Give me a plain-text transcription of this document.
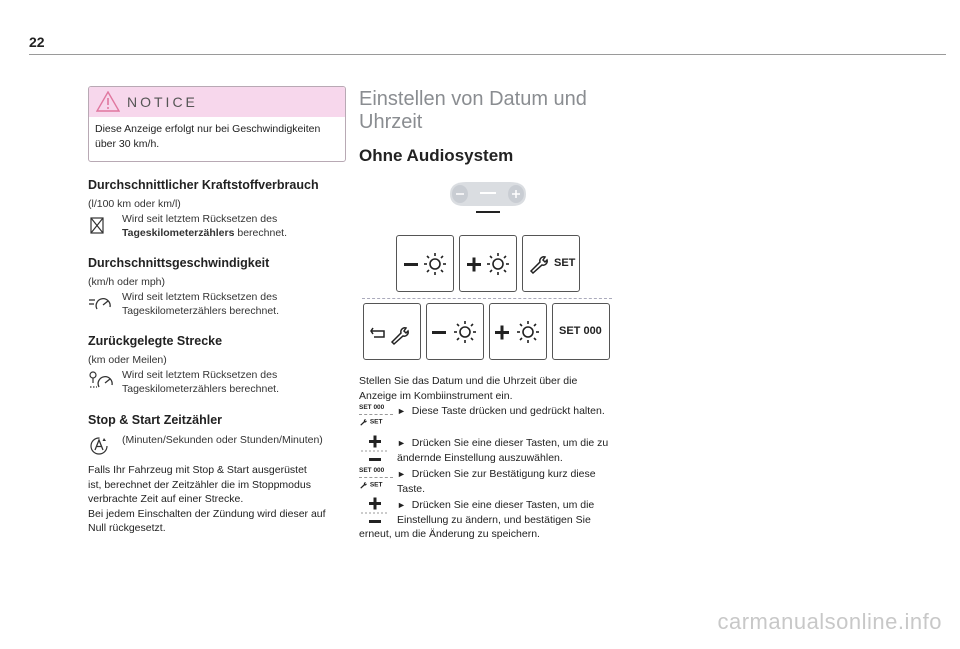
22
NOTICE
Diese Anzeige erfolgt nur bei Geschwindigkeiten
über 30 km/h.
Durchschnittlicher Kraftstoffverbrauch
(l/100 km oder km/l)
Wird seit letztem Rücksetzen des
Tageskilometerzählers berechnet.
Durchschnittsgeschwindigkeit
(km/h oder mph)
Wird seit letztem Rücksetzen des
Tageskilometerzählers berechnet.
Zurückgelegte Strecke
(km oder Meilen)
Wird seit letztem Rücksetzen des
Tageskilometerzählers berechnet.
Stop & Start Zeitzähler
(Minuten/Sekunden oder Stunden/Minuten)
Falls Ihr Fahrzeug mit Stop & Start ausgerüstet
ist, berechnet der Zeitzähler die im Stoppmodus
verbrachte Zeit auf einer Strecke.
Bei jedem Einschalten der Zündung wird dieser auf
Null rückgesetzt.
Einstellen von Datum und
Uhrzeit
Ohne Audiosystem
SET
SET 000
Stellen Sie das Datum und die Uhrzeit über die
Anzeige im Kombiinstrument ein.
SET 000
SET
► Diese Taste drücken und gedrückt halten.
► Drücken Sie eine dieser Tasten, um die zu
ändernde Einstellung auszuwählen.
SET 000
SET
► Drücken Sie zur Bestätigung kurz diese
Taste.
► Drücken Sie eine dieser Tasten, um die
Einstellung zu ändern, und bestätigen Sie
erneut, um die Änderung zu speichern.
carmanualsonline.info
